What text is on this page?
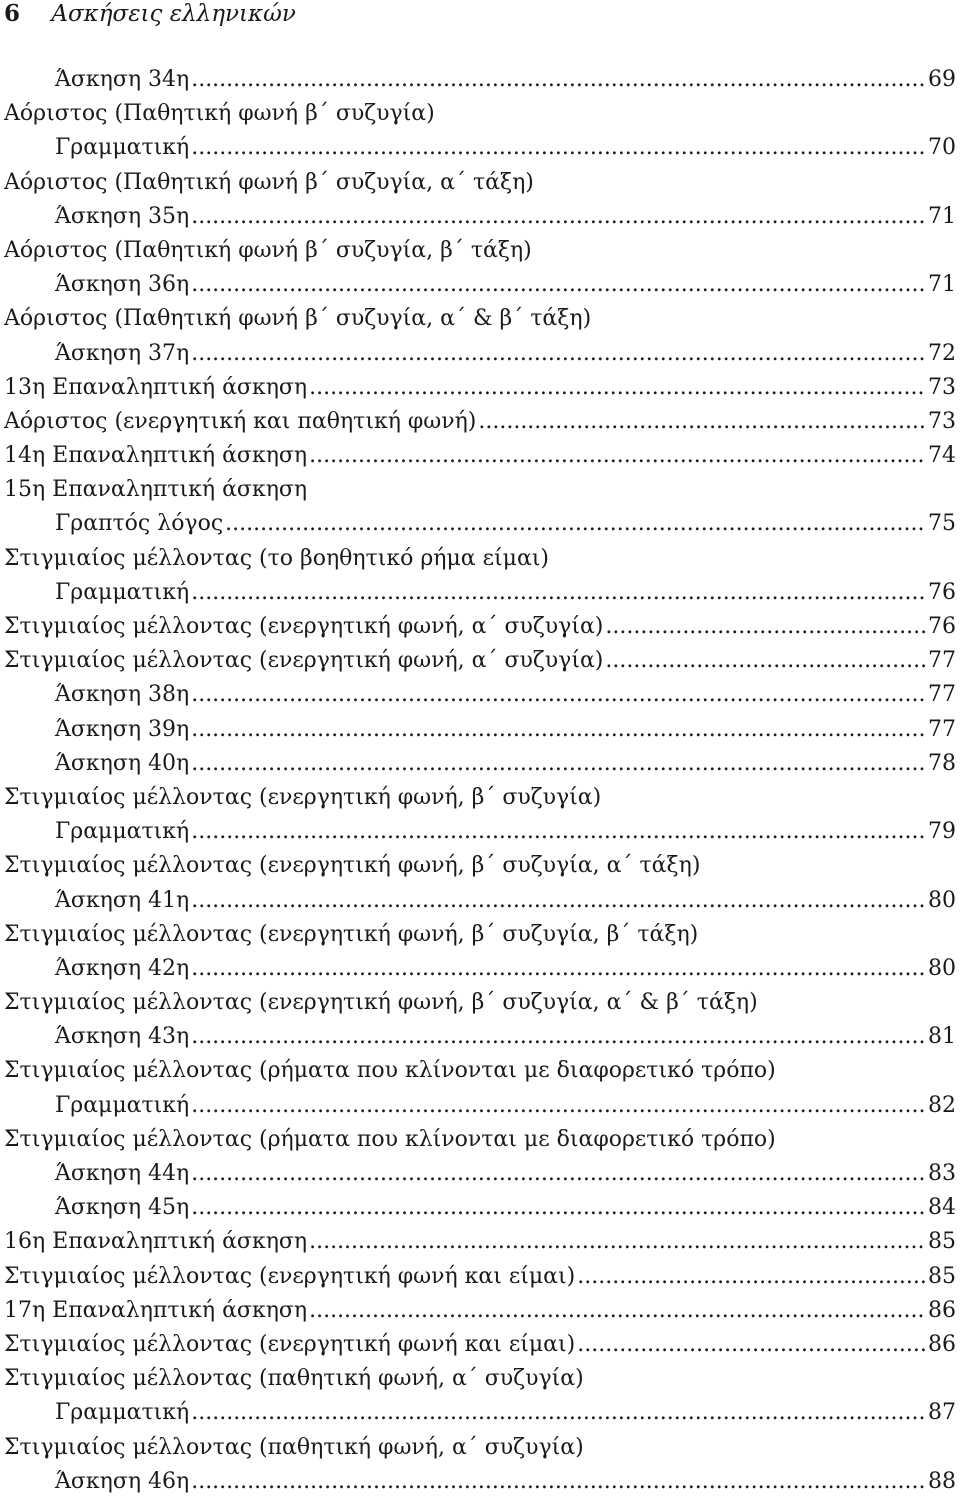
6 Ασκήσεις ελληνικών
Άσκηση 34η .....	69
Αόριστος (Παθητική φωνή β΄ συζυγία)
Γραμματική .....	70
Αόριστος (Παθητική φωνή β΄ συζυγία, α΄ τάξη)
Άσκηση 35η .....	71
Αόριστος (Παθητική φωνή β΄ συζυγία, β΄ τάξη)
Άσκηση 36η .....	71
Αόριστος (Παθητική φωνή β΄ συζυγία, α΄ & β΄ τάξη)
Άσκηση 37η .....	72
13η Επαναληπτική άσκηση .....	73
Αόριστος (ενεργητική και παθητική φωνή) .....	73
14η Επαναληπτική άσκηση .....	74
15η Επαναληπτική άσκηση
Γραπτός λόγος .....	75
Στιγμιαίος μέλλοντας (το βοηθητικό ρήμα είμαι)
Γραμματική .....	76
Στιγμιαίος μέλλοντας (ενεργητική φωνή, α΄ συζυγία) .....	76
Στιγμιαίος μέλλοντας (ενεργητική φωνή, α΄ συζυγία) .....	77
Άσκηση 38η .....	77
Άσκηση 39η .....	77
Άσκηση 40η .....	78
Στιγμιαίος μέλλοντας (ενεργητική φωνή, β΄ συζυγία)
Γραμματική .....	79
Στιγμιαίος μέλλοντας (ενεργητική φωνή, β΄ συζυγία, α΄ τάξη)
Άσκηση 41η .....	80
Στιγμιαίος μέλλοντας (ενεργητική φωνή, β΄ συζυγία, β΄ τάξη)
Άσκηση 42η .....	80
Στιγμιαίος μέλλοντας (ενεργητική φωνή, β΄ συζυγία, α΄ & β΄ τάξη)
Άσκηση 43η .....	81
Στιγμιαίος μέλλοντας (ρήματα που κλίνονται με διαφορετικό τρόπο)
Γραμματική .....	82
Στιγμιαίος μέλλοντας (ρήματα που κλίνονται με διαφορετικό τρόπο)
Άσκηση 44η .....	83
Άσκηση 45η .....	84
16η Επαναληπτική άσκηση .....	85
Στιγμιαίος μέλλοντας (ενεργητική φωνή και είμαι) .....	85
17η Επαναληπτική άσκηση .....	86
Στιγμιαίος μέλλοντας (ενεργητική φωνή και είμαι) .....	86
Στιγμιαίος μέλλοντας (παθητική φωνή, α΄ συζυγία)
Γραμματική .....	87
Στιγμιαίος μέλλοντας (παθητική φωνή, α΄ συζυγία)
Άσκηση 46η .....	88
